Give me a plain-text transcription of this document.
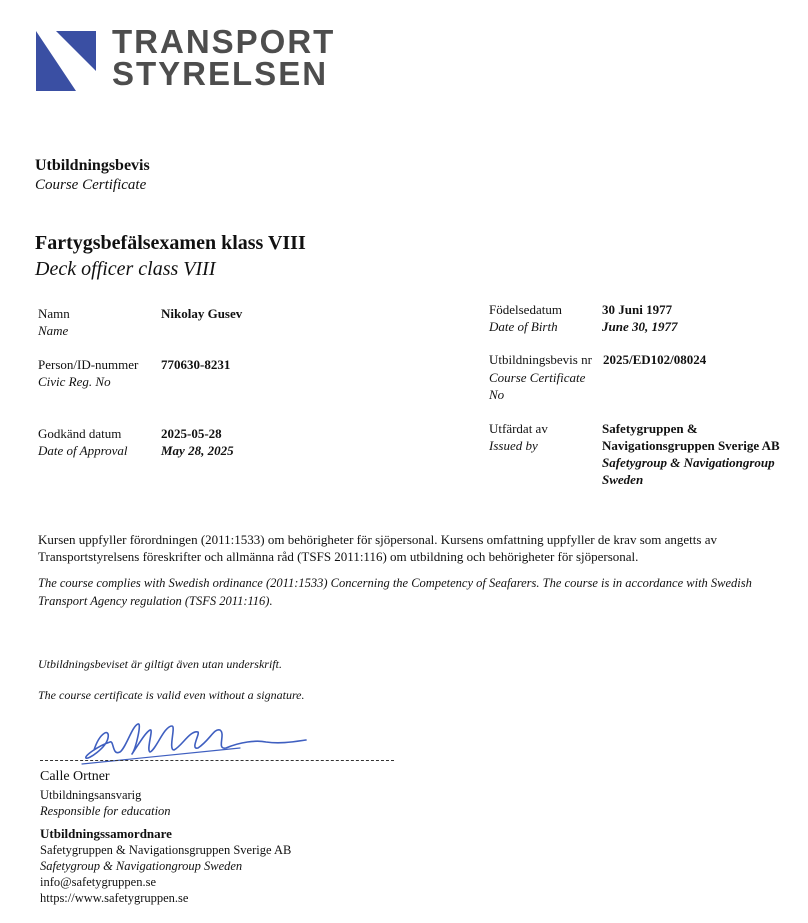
TRANSPORT
STYRELSEN
Utbildningsbevis
Course Certificate
Fartygsbefälsexamen klass VIII
Deck officer class VIII
Namn
Name
Nikolay Gusev
Person/ID-nummer
Civic Reg. No
770630-8231
Godkänd datum
Date of Approval
2025-05-28
May 28, 2025
Födelsedatum
Date of Birth
30 Juni 1977
June 30, 1977
Utbildningsbevis nr
Course Certificate
No
2025/ED102/08024
Utfärdat av
Issued by
Safetygruppen &
Navigationsgruppen Sverige AB
Safetygroup & Navigationgroup
Sweden
Kursen uppfyller förordningen (2011:1533) om behörigheter för sjöpersonal. Kursens omfattning uppfyller de krav som angetts av
Transportstyrelsens föreskrifter och allmänna råd (TSFS 2011:116) om utbildning och behörigheter för sjöpersonal.
The course complies with Swedish ordinance (2011:1533) Concerning the Competency of Seafarers. The course is in accordance with Swedish
Transport Agency regulation (TSFS 2011:116).
Utbildningsbeviset är giltigt även utan underskrift.
The course certificate is valid even without a signature.
Calle Ortner
Utbildningsansvarig
Responsible for education
Utbildningssamordnare
Safetygruppen & Navigationsgruppen Sverige AB
Safetygroup & Navigationgroup Sweden
info@safetygruppen.se
https://www.safetygruppen.se
